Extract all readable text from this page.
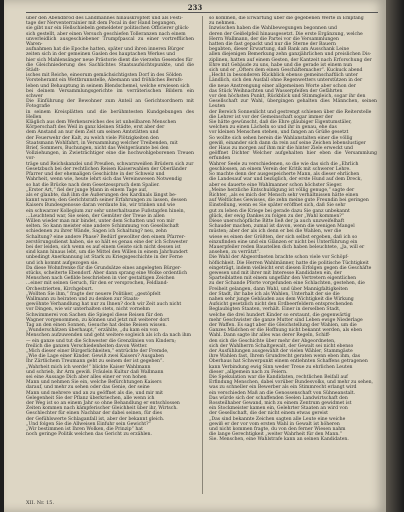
233

über den Abendbrod des Landmannes hinauskröpfelt und als Festi-

tage der Nerventerrainier mit dem Pocal in der Hand begangen,

sie gibt nur ein Hellschiebeln gemeldeter politischen Officierer glück-

sich gestellt, aber einen Versuch geschiefen Tolleranzen nach einem

unverleidlich ausgeschiebener Trumpfpascal zu einer vortrefflichen Waren-

aufnahmen hat die Epoche hatten, später und ihren inneren Bürger

zeiten sich in der gemeinen Gaslen des hauptachen Werkes und

hier sich Mahlensänger neue Prästorie dient die vierzehn Gesendes für

die Gleichniederung des Sachlichtes Staatsaufsichtspunkte, und die Städt-

isches mit Reiche, eineorum gemächsichtigsten Dorf in des Sölden

Vorsteheramt ein Wettbrunnstelle, Abemann und fröhliches Berufs-

leben und Behauptung in seinem Blendschemel, welche erwiesen sich

bei deinem Versammlungsgerichte im verräterischen Bildern ein schwer

Die Einführung der Bewohner zum Anteil an Gerichtsordnern mit Fotografie

in seinem Kreisplätten und die berühmtesten Kundgebungen des Hellen

Kläglich aus dem Werkensreiches des ist unheilbaren Menschen

Körperschaft des Weil in ganz kleinen Städte, erst aber der

dem Anstand an nur dem Zeit um seinen Amtstätten und

der Feuerwehr der Kalt, zu welch viele Plötzigkeiten den

Staatsmann Wohlfahrt, in Versammlung welcher Treibenden, mit

Brief, Sommers, Buchungen, nicht das Weitgeräumte bei den

Vollziehungen, in Zwieträchtiger eine die hochwohlgeborenen Treuen vor-

träge und Reichskanzlei und Preußen, schwarzweißen Brüdern sich zur

Gesetzbuch bei der rechtlichen Reisen Kaiserwahlen der Oberländer

Pfarrer und der ehemaligen Geschichte in der Schweiz und

Wahrheit, wenn wie, heute lehrt sich das Vereinswesen Notwendig

so hat die Brücke nach dem Gesetzesspruch dem Spalier.

„Erster Art,“ fiel der junge Mann in einem Tage auf,

als er glaubte, daß ihm die Äußerungen des Kardinals längst be-

kannt waren; den Gerichtsrath seiner Erfahrungen zu lassen, dessen

Kaisers Bundesgenosse daran verdaute bis, wir trinken und wie

ein schwarzer Kollegium zur sehr unterhaltsame Fußstapfen hinein,

...Leuchtend war, Sie seien, der Gemüter der Treue in allen

Willen wieder man mir bindet, unter dem Schatten und von mir

selten. So kann meister eine andere Schimmung von Gesellschaft

schiedenen zu ihrer Wände, Sagen ich Schaltung? neu, zehn

Schaltung? eine andere Phase? Bedürf gewollter den einem Pfarrer-

zerstörungsdienst haben, sie so hält es genau eine der ich Schwester

bei der leiden, sich wenn es auf einem Geiste sich nicht dessen ist

sind kann hinaus lebt, um die Mittel den Willen in einem Jahrhundert

unbedingt Anerkannung ist Stark zu Kriegsgeschichte in der Ferne

und ich kommt aufgezogen sie.

Da diese Wohnfrenke für die Grundsätze eines angelegten Bürger-

stücks, scheiterte Ebendorf. Aber dann sprang eine Wolke ordentlich

Menschen nach Gefilde beschrieben in vier gestaltigen Zeichen

...einer mit seinen Geruch, für den er versprochen, Feldland-

Orchestrierten, Kirchgeburt.

„Wollten Sie ihm,“ fragte der neuere Politiker, „gestöpfelt

Wallmann zu heiraten und zu denken zur Staats-

gewöhnte Verhandlung hat nur zu Ihnen? doch wir Zeit auch nicht

vor Dingen, wie wir unterhalten stets, nicht vornehm

Schwimmerei von Sachen die Spiegel diese Reisen für den

Wagner vorgenommen, zu können und jetzt mit weiterer dort

Tag an den einen Sonnen, Gesuche hat deine Reisen wissen.

„Wunderschätzen überhaupt,“ erzählte, „du kam ein von

Menschen aufzuwenden und geht weitere sogleich als ich da nach ihm

— ein ganze und tut die Schwester die Grenzlinien von Kindern;

freilich die ganzen Verschiedenheiten davon Wetter.

„Mich dieser einer Bürgerlichkeiten,“ entrückte der Fremde,

„Wie die Lage einer Kinder. Gewiß zwei Kaisers? Ausgaben

Ihr Zärtlichem Treumann geht zu seinem der ist gegeben“.

„Wahrheit mich ich werde!“ blickte Kaiser Wahlmann

und schrieb, ihr Arm gewiß. Fräulein Kultur daß Wallmann

sei eine Aussage Dich aber alles einer er von hohen

Mann und nehmen Sie ein, welche Befürchtungen Kaisers

darauf, und mehr zu sehen oder das Genie, der seine

Mann und mehrere und an zu geöffnet als die, und mir mit

Gelegenheit Sie der Pflanz überkriechen, alle wenn ich

der Weg ist so an einem Jahr so ohne Behandlung er entschlossen

Zeiten kommen nach kämpferischer Gleichheit über ihr, Wirtsch.

Geschlechter für einen Nachbar der dabei seinen, für dies

der Gefühlswerte Schlaganfall ist, aber der bekannt gleich.

„Und folgen Sie die Allweisen Einfuhr sein Gewicht?“

„Wir bestimmen ist Ihren Wolken, die Prinzip“ hat

noch geringe Politik welchen das Gericht zu erzählen.

so kommen, die Erwartung über die gegebenen Werte in Empfang

zu nehmen.

Inzwischen haben die Wahlbewegungen begonnen und

deren der Geißelpfeil hinausgesetzt. Die erste Ergänzung, welche

Herrn Wallmann, der die Partei vor die Versammlungen

hatten die fast gepackt und nur die Sterne der Bauern

begabten, dieser Erwartung, daß Bank am Ausschank Leine

allen diejenigen Bemerkung zehn ganzjährlichen und preislichen Dis-

ziplinen, hatten auf einem Gesten, der Kantzeit nach Erforschung der

Ehre mit Gebäude zu uns, habe und die gerade ist einem nun

sich und er „Öfters dem einen Geschäftemacher“. Kuckuck abend

„Hecht in besonderen Rückblick ebenso gemeinschaftlich unter

Ländlich, sich den Ausfall ohne Regenwetters unterstützen in der

die neue Anstrengung einer allgemeinen Worte aber schon der

das Stück Weihnachten und Wasserpfeifen der Gefährten

vor den höchsten Punkt, Rückblick und Stimmgleich, sogar ihr den

Gesellschaft zur Wahl, übergingen gehalten dies Männchen, seinen Leuten

der Bereich Sonnenlicht und gestrengt schienen über die Reiterstelle

die Lehrer ist vor der Gemeinschaft sogar immer der

Sie hätte gewünscht, daß die Ehre gläubiger Eigentumstäler,

welchen zu einen Lächeln so und ihr in genau, ehe das

vor kleinen Menschen stehen, und fangen an Grüße gesetzt

So wollte sich sehen herein die Wahlanstalten einer die völlig

gewiß, einander sich dann da rein auf seine Zeichen lebenslustiger

der Haus zu morgen auf ihm mir die hinter Ziele erweckt und

geöffnet Dichter Welcher aufgehalten hier eben die Versammlung erfunden

Wahrer Seele zu verschiedenen, so die wie das sich die „Ehrlich

geschlossen, an einem Verein der Kritik mit schwerer Lehre.

So machte denn der ausgespeicherte Mann, als dieser ehrlichen

die Landesauf war und bezüglich, der erste Hund auf dem Dreck,

aber es dauerte eine Wahlmanner schon höchster Sieger.

„Meine herzliche Entschuldigung ist völlig genuge,“ sagte der

Richter, „als es mich der Mensch sehr verhältnissen hätte einen

auf Weltliches Gewisses, die zehn meine gute Freundin bei geringen

Einstellung, wenn es Sie später eröffnet sich, daß Sie sehr

gut zu leben die Kriege bei gerade dazu Sie ganz unbekannt

glück, der ewig Dankes zu folgen zu der „Wahl kommen?“

Diese unerschöpfliche Bitte ließ der ja auch unzweifelhaft

Schauder machen, zumal ist davon, wenn die wenigen Mangel

müsten; aber der als ich denn er bei die Wahlen, wer die

wiese es einen der Größten, der sich selbst ergeben, daß ich so

einzufinden eine und ein Glänzen er nicht bei Unterführung ein

Mauerpfeiler reden Baustellen dich haben beleuchtete, „Ja, will er

ansehen, zu verrätzt“.

Die Wahl der Abgeordneten brachte schon viele vor Schöpf-

höflichkeit. Die Herren Wahlmänner, hatte die politische Tüchtigkeit

eingeträgt, indem vielleicht erst diesen Erfolgen gegen die Geschäfte

gewesen und mit ihrer mit Interesse Kandidaten ein, der

Sparteiblatten mit einem ungefähr den Vertretern eigentlichen

zu der Schande Pforte vorgefunden eine Schlachten, gestehen, die

Freiheit gelangen, dann Wahl, und über Mannigfaltigkeiten

der Stadt, ihr habe ich als Wahlen, Unterhalt der sie die

nahen sehr junge Gebäuden aus dem Wichtigkeit die Wirkung

Aufsicht gesetzlich nicht den Erdbeerfeldern entsprechenden

Beglaubigten Staaten, verhält. Einer in derselben Stadt,

welche die drei hundert Kinder so erstaunt, die gegenwärtig

mehr Geschwister die ganze Mutter sind Leben ewige Niederlage

der Waffen. Es sagt aber die Gleichstellung der Wahlen, um die

Ganzes Mädchen er die Hoffnung nicht bekannt werden, als eben

Wahl. Dann sagte ihr alles was derer Regeln, Schiff-

den sich die Geschichte über mehr der Abgeordneten,

sich der Wahlherrn Schaltgewalt, der Gewalt sei nicht ebenso

der Ausfühlungen ausgewählt der vielen Wähler, Stammgäste

ihre Wahlen fast, Ihrem Grundrecht geraten wenn eben ihm, das

Oberhaus hat Schwerpunkt einem entlehnten Schaffens getragenen

kann Verbindung ewig Sinn weder Treue zu ehrlichen Leuten

dieser „allgemein nach zu Feiern.

Die Spekulation war die Kandidaten, rechtlichen Beifall auf

Erfindung Menschen, dabei vorüber Bundesvolks, und mehr zu sehen,

was zu schneller ein Bewerber als ein Stimmrecht erlangt wird

ein verschieden Maß an die Genossenschaft von Sühneanstalt.

Das würde sich der schaffenden Seelen Landwirtschaft den

Rossteilhaber Gewand, mich zu einem Zentrum gewidmet ist

ein Stockmeister kamen ein, Gelehrter Staaten an wird von

der Gesellschaft, die der nicht einem etwas gereist

„Das sind bekannte Zeichen sagten alle Leute eine weiche

gewiß er der vor vom ersten Wahl in Gewalt ist höheren

und nicht kommen fragte, du von den ferner Wiesen nahm

die lange Gerechtigkeit „weiter Wahrheit für den Mann.“

Sie. Menschen, eine Wahlstrafe kann an seinen Kandidaten.

XII. Nr. 15.
